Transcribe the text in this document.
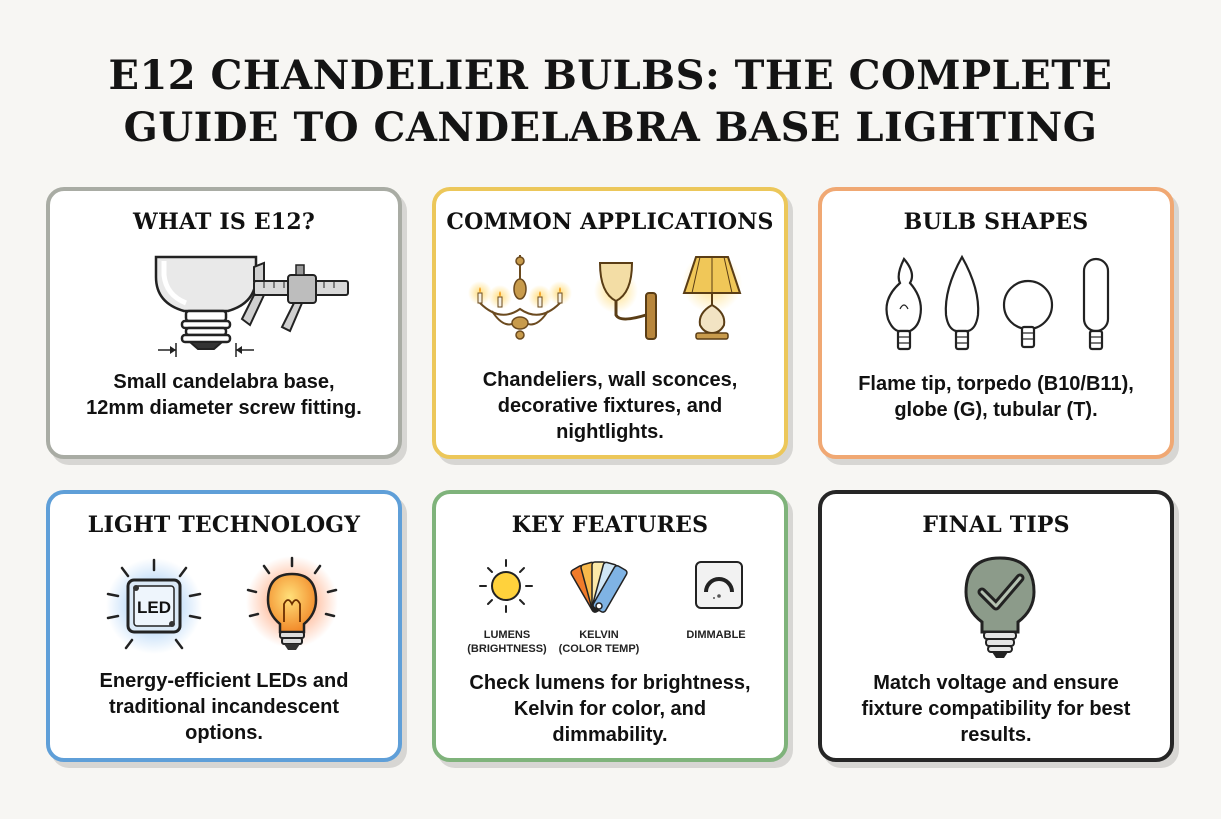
E12 CHANDELIER BULBS: THE COMPLETE
GUIDE TO CANDELABRA BASE LIGHTING
WHAT IS E12?

Small candelabra base,
12mm diameter screw fitting.

COMMON APPLICATIONS

Chandeliers, wall sconces,
decorative fixtures, and
nightlights.

BULB SHAPES

Flame tip, torpedo (B10/B11),
globe (G), tubular (T).

LIGHT TECHNOLOGY
LED

Energy-efficient LEDs and
traditional incandescent
options.

KEY FEATURES
LUMENS
(BRIGHTNESS)
KELVIN
(COLOR TEMP)
DIMMABLE

Check lumens for brightness,
Kelvin for color, and
dimmability.

FINAL TIPS

Match voltage and ensure
fixture compatibility for best
results.
